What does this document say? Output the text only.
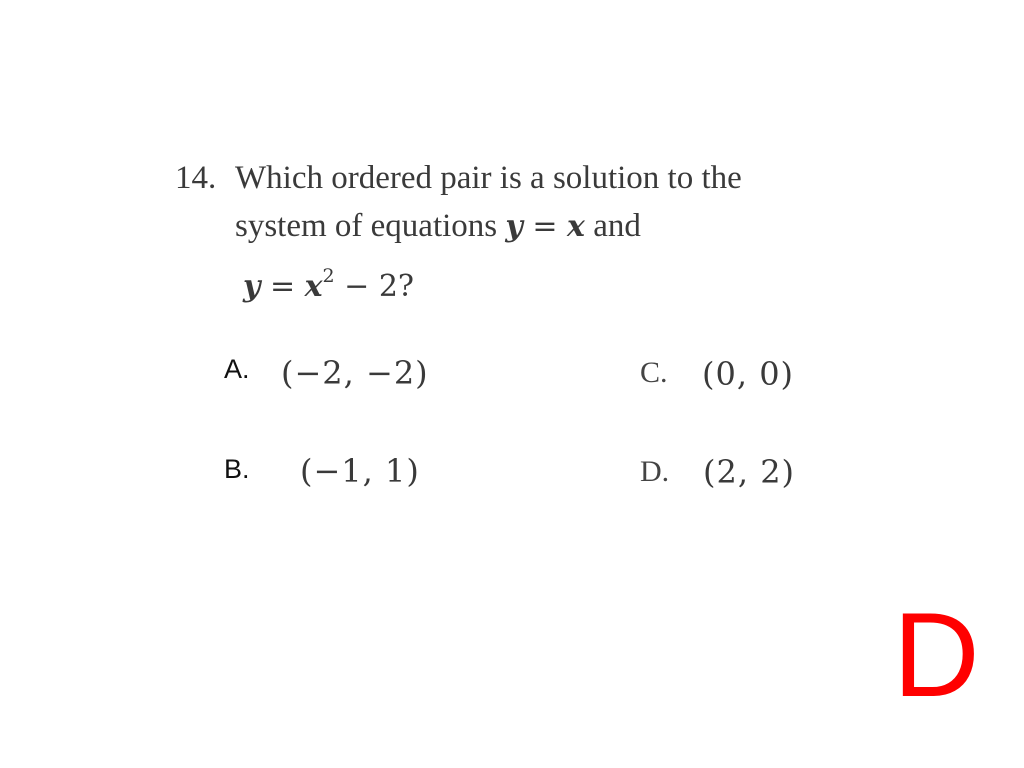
14. Which ordered pair is a solution to the
system of equations y = x and
$y = x^2 - 2$?
A. (−2, −2)
B. (−1, 1)
C. (0, 0)
D. (2, 2)
D
